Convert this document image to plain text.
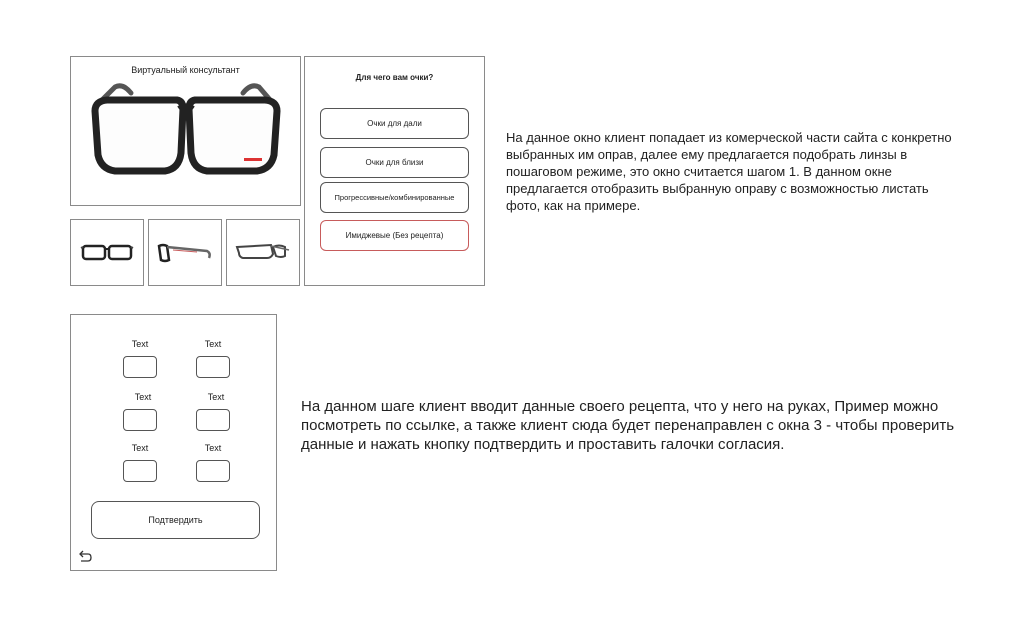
Виртуальный консультант
Для чего вам очки?
Очки для дали
Очки для близи
Прогрессивные/комбинированные
Имиджевые (Без рецепта)

На данное окно клиент попадает из комерческой части сайта с конкретно выбранных им оправ, далее ему предлагается подобрать линзы в пошаговом режиме, это окно считается шагом 1. В данном окне предлагается отобразить выбранную оправу с возможностью листать фото, как на примере.

Text	Text
Text	Text
Text	Text
Подтвердить

На данном шаге клиент вводит данные своего рецепта, что у него на руках, Пример можно посмотреть по ссылке, а также клиент сюда будет перенаправлен с окна 3 - чтобы проверить данные и нажать кнопку подтвердить и проставить галочки согласия.
